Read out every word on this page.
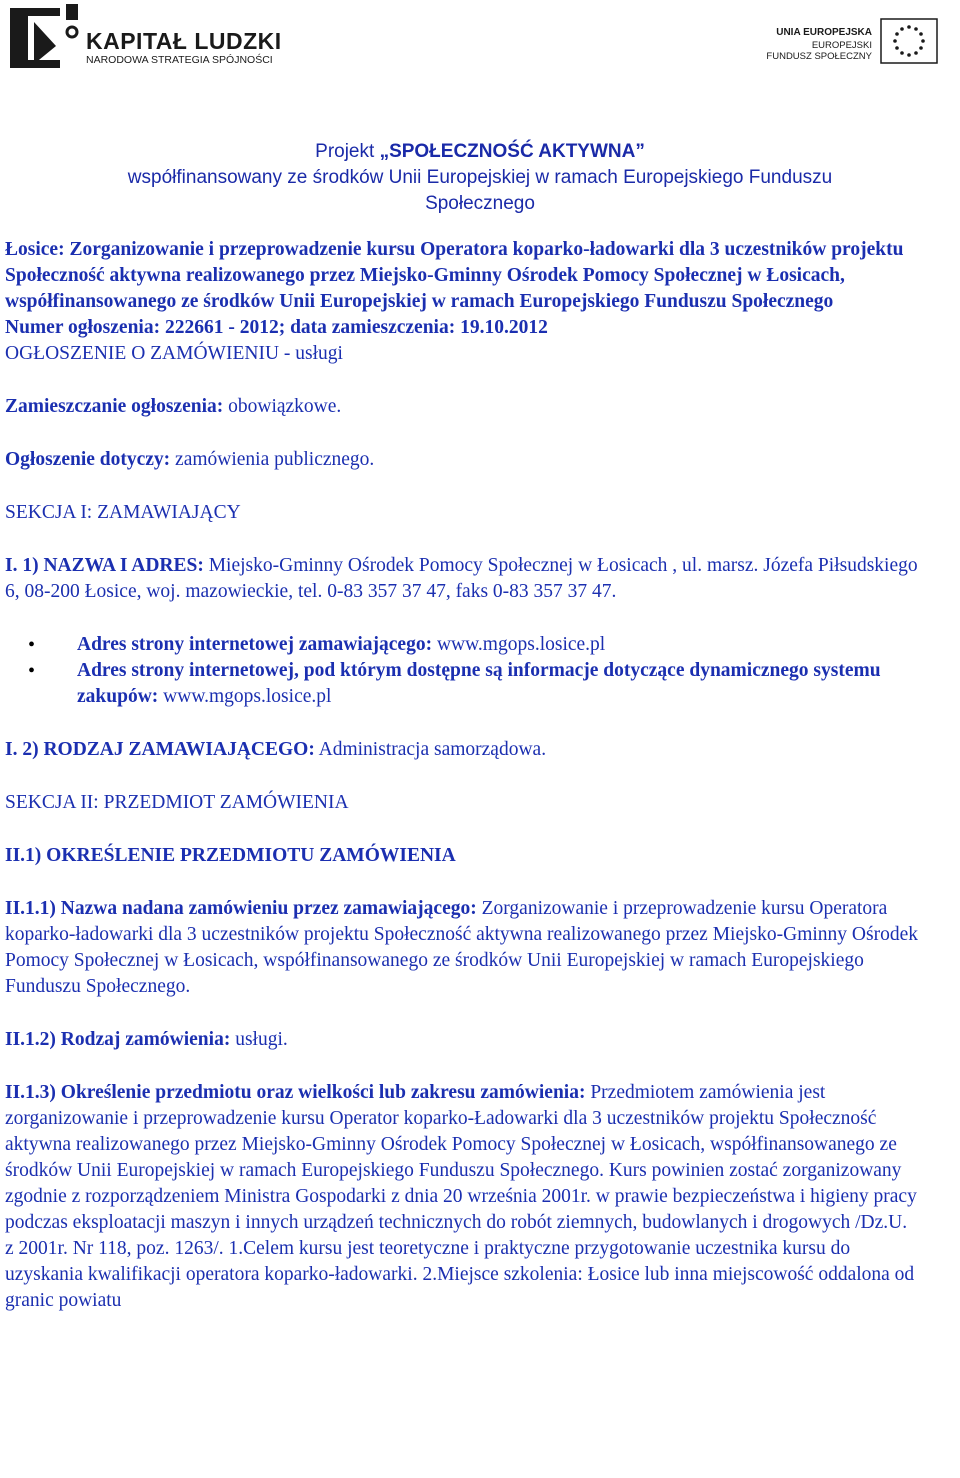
KAPITAŁ LUDZKI
NARODOWA STRATEGIA SPÓJNOŚCI
UNIA EUROPEJSKA
EUROPEJSKI
FUNDUSZ SPOŁECZNY
Projekt „SPOŁECZNOŚĆ AKTYWNA”
współfinansowany ze środków Unii Europejskiej w ramach Europejskiego Funduszu
Społecznego

Łosice: Zorganizowanie i przeprowadzenie kursu Operatora koparko-ładowarki dla 3 uczestników projektu Społeczność aktywna realizowanego przez Miejsko-Gminny Ośrodek Pomocy Społecznej w Łosicach, współfinansowanego ze środków Unii Europejskiej w ramach Europejskiego Funduszu Społecznego

Numer ogłoszenia: 222661 - 2012; data zamieszczenia: 19.10.2012

OGŁOSZENIE O ZAMÓWIENIU - usługi

Zamieszczanie ogłoszenia: obowiązkowe.

Ogłoszenie dotyczy: zamówienia publicznego.

SEKCJA I: ZAMAWIAJĄCY

I. 1) NAZWA I ADRES: Miejsko-Gminny Ośrodek Pomocy Społecznej w Łosicach , ul. marsz. Józefa Piłsudskiego 6, 08-200 Łosice, woj. mazowieckie, tel. 0-83 357 37 47, faks 0-83 357 37 47.

• Adres strony internetowej zamawiającego: www.mgops.losice.pl
• Adres strony internetowej, pod którym dostępne są informacje dotyczące dynamicznego systemu zakupów: www.mgops.losice.pl

I. 2) RODZAJ ZAMAWIAJĄCEGO: Administracja samorządowa.

SEKCJA II: PRZEDMIOT ZAMÓWIENIA

II.1) OKREŚLENIE PRZEDMIOTU ZAMÓWIENIA

II.1.1) Nazwa nadana zamówieniu przez zamawiającego: Zorganizowanie i przeprowadzenie kursu Operatora koparko-ładowarki dla 3 uczestników projektu Społeczność aktywna realizowanego przez Miejsko-Gminny Ośrodek Pomocy Społecznej w Łosicach, współfinansowanego ze środków Unii Europejskiej w ramach Europejskiego Funduszu Społecznego.

II.1.2) Rodzaj zamówienia: usługi.

II.1.3) Określenie przedmiotu oraz wielkości lub zakresu zamówienia: Przedmiotem zamówienia jest zorganizowanie i przeprowadzenie kursu Operator koparko-Ładowarki dla 3 uczestników projektu Społeczność aktywna realizowanego przez Miejsko-Gminny Ośrodek Pomocy Społecznej w Łosicach, współfinansowanego ze środków Unii Europejskiej w ramach Europejskiego Funduszu Społecznego. Kurs powinien zostać zorganizowany zgodnie z rozporządzeniem Ministra Gospodarki z dnia 20 września 2001r. w prawie bezpieczeństwa i higieny pracy podczas eksploatacji maszyn i innych urządzeń technicznych do robót ziemnych, budowlanych i drogowych /Dz.U. z 2001r. Nr 118, poz. 1263/. 1.Celem kursu jest teoretyczne i praktyczne przygotowanie uczestnika kursu do uzyskania kwalifikacji operatora koparko-ładowarki. 2.Miejsce szkolenia: Łosice lub inna miejscowość oddalona od granic powiatu
